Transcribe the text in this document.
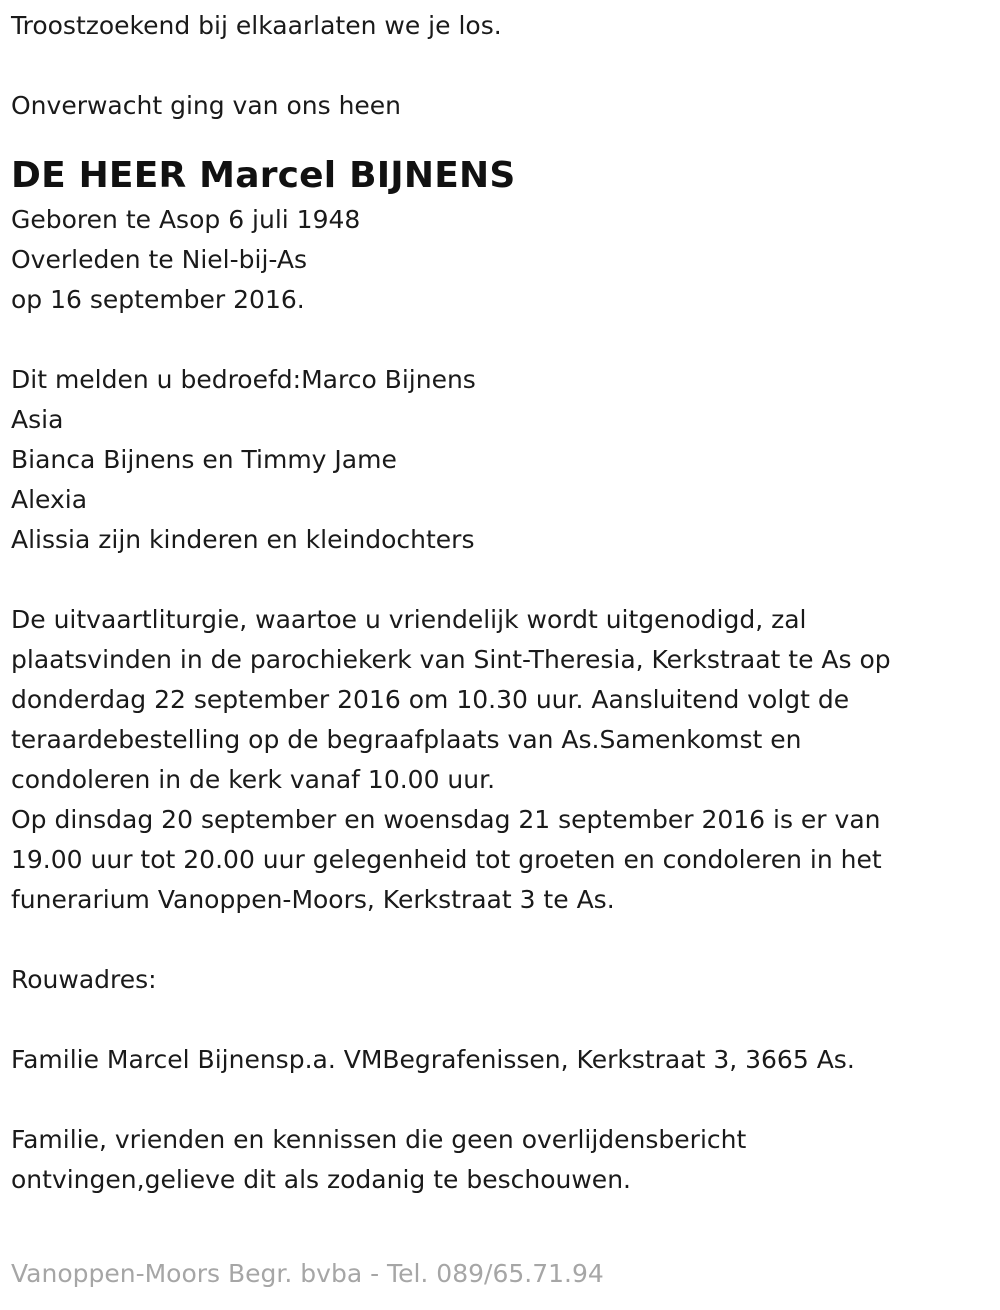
Troostzoekend bij elkaarlaten we je los.
Onverwacht ging van ons heen
DE HEER Marcel BIJNENS
Geboren te Asop 6 juli 1948
Overleden te Niel-bij-As
op 16 september 2016.
Dit melden u bedroefd:Marco Bijnens
Asia
Bianca Bijnens en Timmy Jame
Alexia
Alissia zijn kinderen en kleindochters
De uitvaartliturgie, waartoe u vriendelijk wordt uitgenodigd, zal
plaatsvinden in de parochiekerk van Sint-Theresia, Kerkstraat te As op
donderdag 22 september 2016 om 10.30 uur. Aansluitend volgt de
teraardebestelling op de begraafplaats van As.Samenkomst en
condoleren in de kerk vanaf 10.00 uur.
Op dinsdag 20 september en woensdag 21 september 2016 is er van
19.00 uur tot 20.00 uur gelegenheid tot groeten en condoleren in het
funerarium Vanoppen-Moors, Kerkstraat 3 te As.
Rouwadres:
Familie Marcel Bijnensp.a. VMBegrafenissen, Kerkstraat 3, 3665 As.
Familie, vrienden en kennissen die geen overlijdensbericht
ontvingen,gelieve dit als zodanig te beschouwen.
Vanoppen-Moors Begr. bvba - Tel. 089/65.71.94
